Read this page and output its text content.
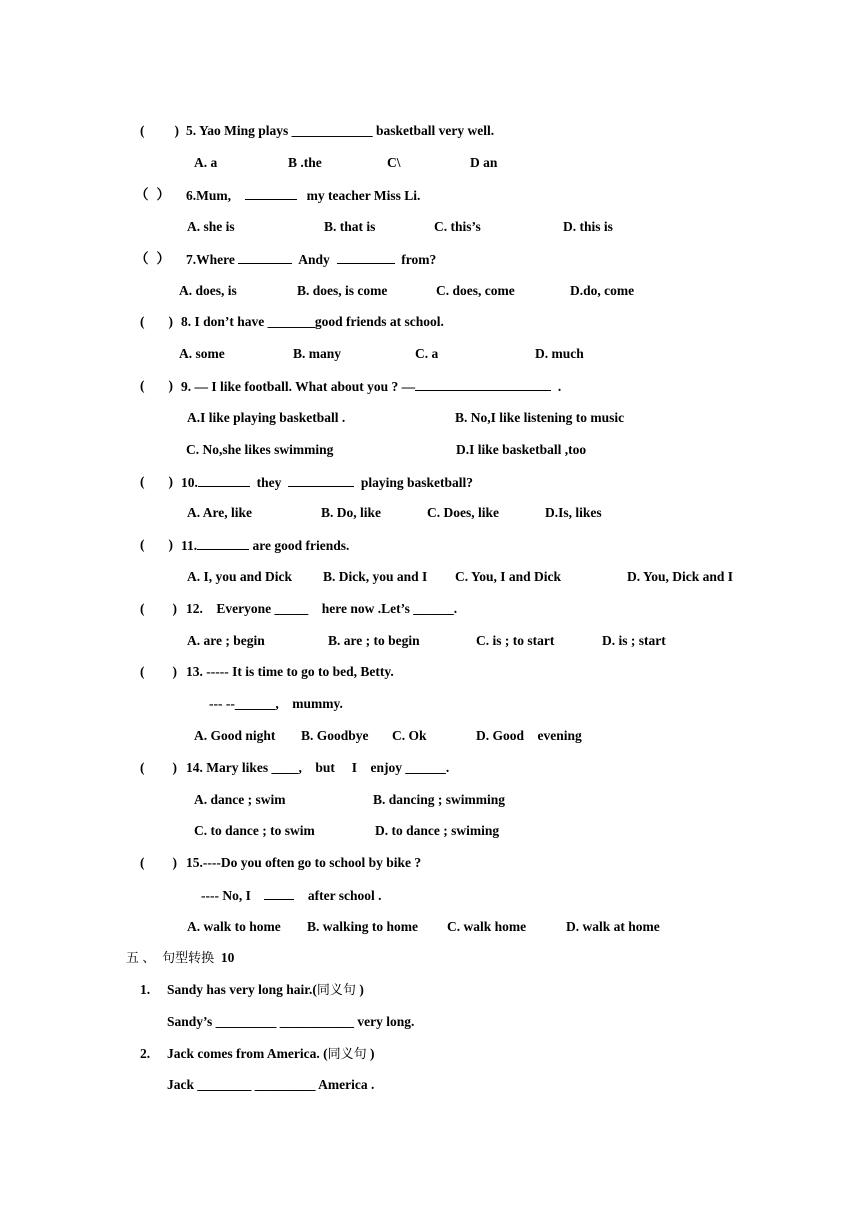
( ) 5. Yao Ming plays ____________ basketball very well.
A. a	B .the	C\	D an
（ ） 6.Mum,	my teacher Miss Li.
A. she is	B. that is	C. this’s	D. this is
（ ） 7.Where	Andy	from?
A. does, is	B. does, is come	C. does, come	D.do, come
( ) 8. I don’t have _______good friends at school.
A. some	B. many	C. a	D. much
( ) 9. — I like football. What about you ? —	.
A.I like playing basketball .	B. No,I like listening to music
C. No,she likes swimming	D.I like basketball ,too
( ) 10.	they	playing basketball?
A. Are, like	B. Do, like	C. Does, like	D.Is, likes
( ) 11.	are good friends.
A. I, you and Dick B. Dick, you and I C. You, I and Dick	D. You, Dick and I
( ) 12.    Everyone _____    here now .Let’s ______.
A. are ; begin	B. are ; to begin	C. is ; to start	D. is ; start
( ) 13. ----- It is time to go to bed, Betty.
--- --______,    mummy.
A. Good night B. Goodbye C. Ok	D. Good    evening
( ) 14. Mary likes ____,    but     I    enjoy ______.
A. dance ; swim	B. dancing ; swimming
C. to dance ; to swim	D. to dance ; swiming
( ) 15.----Do you often go to school by bike ?
---- No, I	after school .
A. walk to home B. walking to home C. walk home	D. walk at home
五 、 句型转换 10
1. Sandy has very long hair.(同义句 )
Sandy’s _________ ___________ very long.
2. Jack comes from America. (同义句 )
Jack ________ _________ America .
